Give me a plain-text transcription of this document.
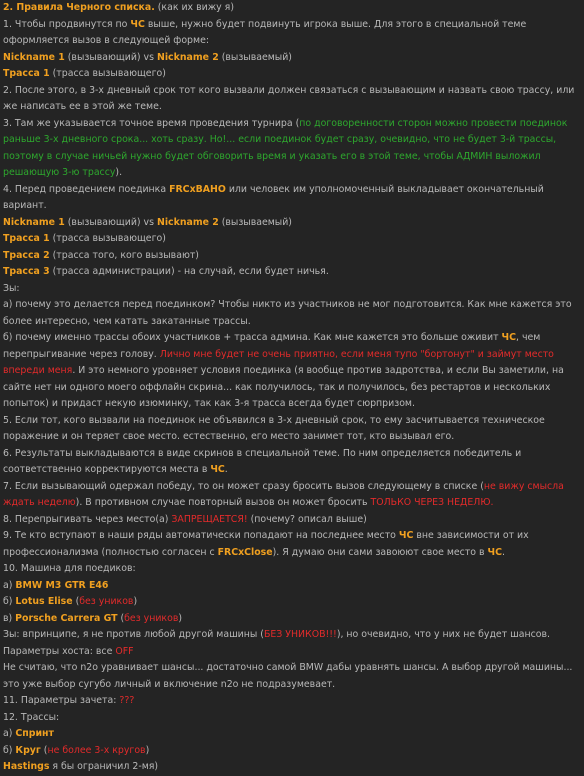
2. Правила Черного списка. (как их вижу я)

1. Чтобы продвинутся по ЧС выше, нужно будет подвинуть игрока выше. Для этого в специальной теме оформляется вызов в следующей форме:

Nickname 1 (вызывающий) vs Nickname 2 (вызываемый)

Трасса 1 (трасса вызывающего)

2. После этого, в 3-х дневный срок тот кого вызвали должен связаться с вызывающим и назвать свою трассу, или же написать ее в этой же теме.

3. Там же указывается точное время проведения турнира (по договоренности сторон можно провести поединок раньше 3-х дневного срока... хоть сразу. Но!... если поединок будет сразу, очевидно, что не будет 3-й трассы, поэтому в случае ничьей нужно будет обговорить время и указать его в этой теме, чтобы АДМИН выложил решающую 3-ю трассу).

4. Перед проведением поединка FRCxBAHO или человек им уполномоченный выкладывает окончательный вариант.

Nickname 1 (вызывающий) vs Nickname 2 (вызываемый)

Трасса 1 (трасса вызывающего)

Трасса 2 (трасса того, кого вызывают)

Трасса 3 (трасса администрации) - на случай, если будет ничья.

Зы:

а) почему это делается перед поединком? Чтобы никто из участников не мог подготовится. Как мне кажется это более интересно, чем катать закатанные трассы.

б) почему именно трассы обоих участников + трасса админа. Как мне кажется это больше оживит ЧС, чем перепрыгивание через голову. Лично мне будет не очень приятно, если меня тупо "бортонут" и займут место впереди меня. И это немного уровняет условия поединка (я вообще против задротства, и если Вы заметили, на сайте нет ни одного моего оффлайн скрина... как получилось, так и получилось, без рестартов и нескольких попыток) и придаст некую изюминку, так как 3-я трасса всегда будет сюрпризом.

5. Если тот, кого вызвали на поединок не объявился в 3-х дневный срок, то ему засчитывается техническое поражение и он теряет свое место. естественно, его место занимет тот, кто вызывал его.

6. Результаты выкладываются в виде скринов в специальной теме. По ним определяется победитель и соответственно корректируются места в ЧС.

7. Если вызывающий одержал победу, то он может сразу бросить вызов следующему в списке (не вижу смысла ждать неделю). В противном случае повторный вызов он может бросить ТОЛЬКО ЧЕРЕЗ НЕДЕЛЮ.

8. Перепрыгивать через место(а) ЗАПРЕЩАЕТСЯ! (почему? описал выше)

9. Те кто вступают в наши ряды автоматически попадают на последнее место ЧС вне зависимости от их профессионализма (полностью согласен с FRCxClose). Я думаю они сами завоюют свое место в ЧС.

10. Машина для поедиков:

а) BMW M3 GTR E46

б) Lotus Elise (без уников)

в) Porsche Carrera GT (без уников)

Зы: впринципе, я не против любой другой машины (БЕЗ УНИКОВ!!!), но очевидно, что у них не будет шансов.

Параметры хоста: все OFF

Не считаю, что n2o уравнивает шансы... достаточно самой BMW дабы уравнять шансы. А выбор другой машины... это уже выбор сугубо личный и включение n2o не подразумевает.

11. Параметры зачета: ???

12. Трассы:

а) Спринт

б) Круг (не более 3-х кругов)

Hastings я бы ограничил 2-мя)
